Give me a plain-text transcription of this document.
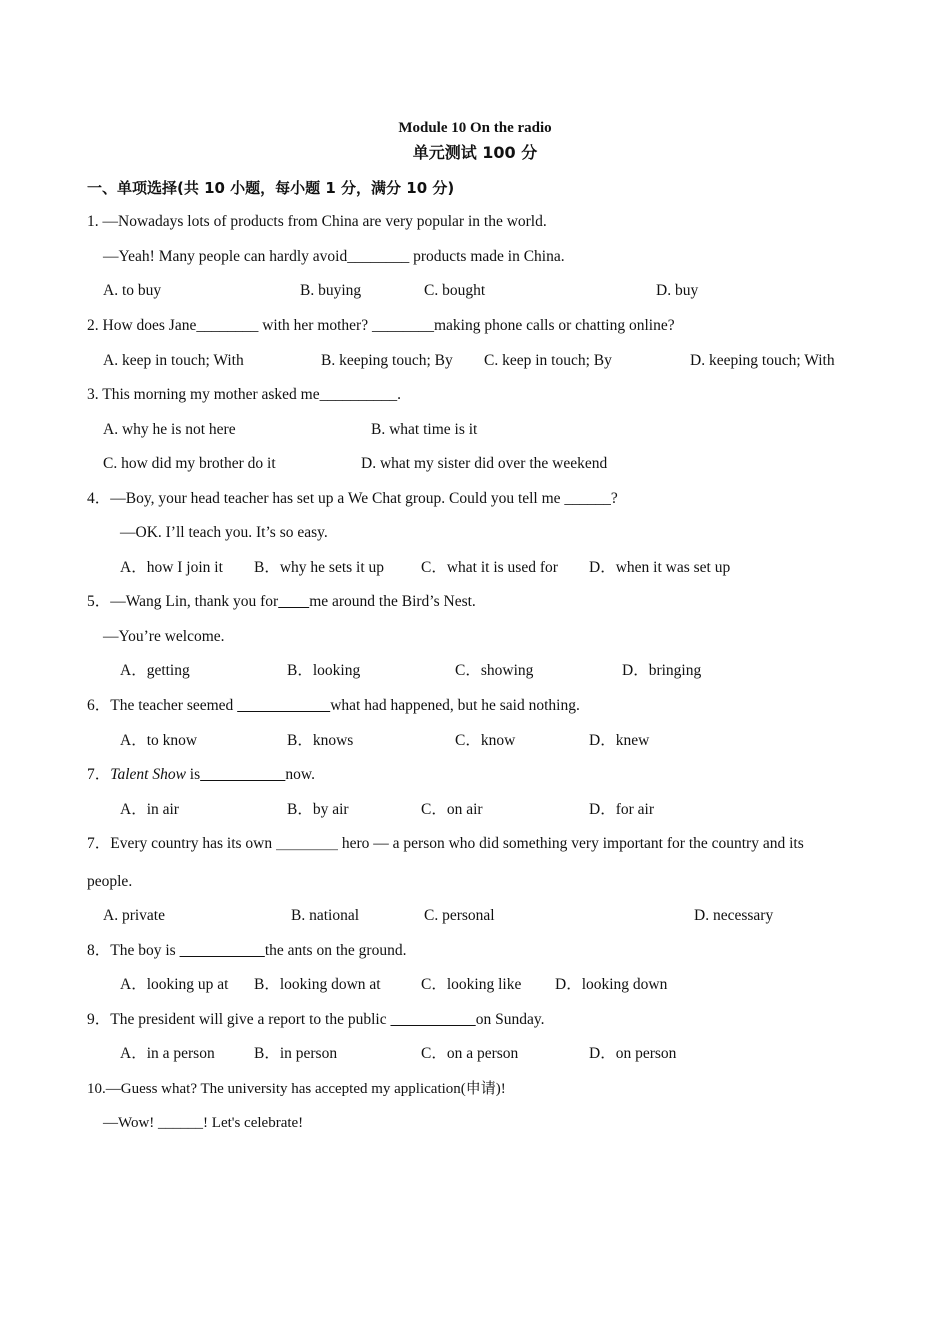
Module 10 On the radio
单元测试 100 分
一、单项选择(共 10 小题，每小题 1 分，满分 10 分)
1. —Nowadays lots of products from China are very popular in the world.
—Yeah! Many people can hardly avoid________ products made in China.
A. to buy	B. buying	C. bought	D. buy
2. How does Jane________ with her mother? ________making phone calls or chatting online?
A. keep in touch; With	B. keeping touch; By C. keep in touch; By	D. keeping touch; With
3. This morning my mother asked me__________.
A. why he is not here	B. what time is it
C. how did my brother do it	D. what my sister did over the weekend
4．—Boy, your head teacher has set up a We Chat group. Could you tell me ______?
—OK. I’ll teach you. It’s so easy.
A．how I join it B．why he sets it up C．what it is used for D．when it was set up
5．—Wang Lin, thank you for me around the Bird’s Nest.
—You’re welcome.
A．getting	B．looking	C．showing	D．bringing
6．The teacher seemed	what had happened, but he said nothing.
A．to know	B．knows	C．know	D．knew
7．Talent Show is	now.
A．in air	B．by air	C．on air	D．for air
7．Every country has its own ＿＿＿＿ hero — a person who did something very important for the country and its
people.
A. private	B. national	C. personal	D. necessary
8．The boy is	the ants on the ground.
A．looking up at B．looking down at	C．looking like D．looking down
9．The president will give a report to the public	on Sunday.
A．in a person	B．in person	C．on a person	D．on person
10.—Guess what? The university has accepted my application(申请)!
—Wow! ______! Let's celebrate!
